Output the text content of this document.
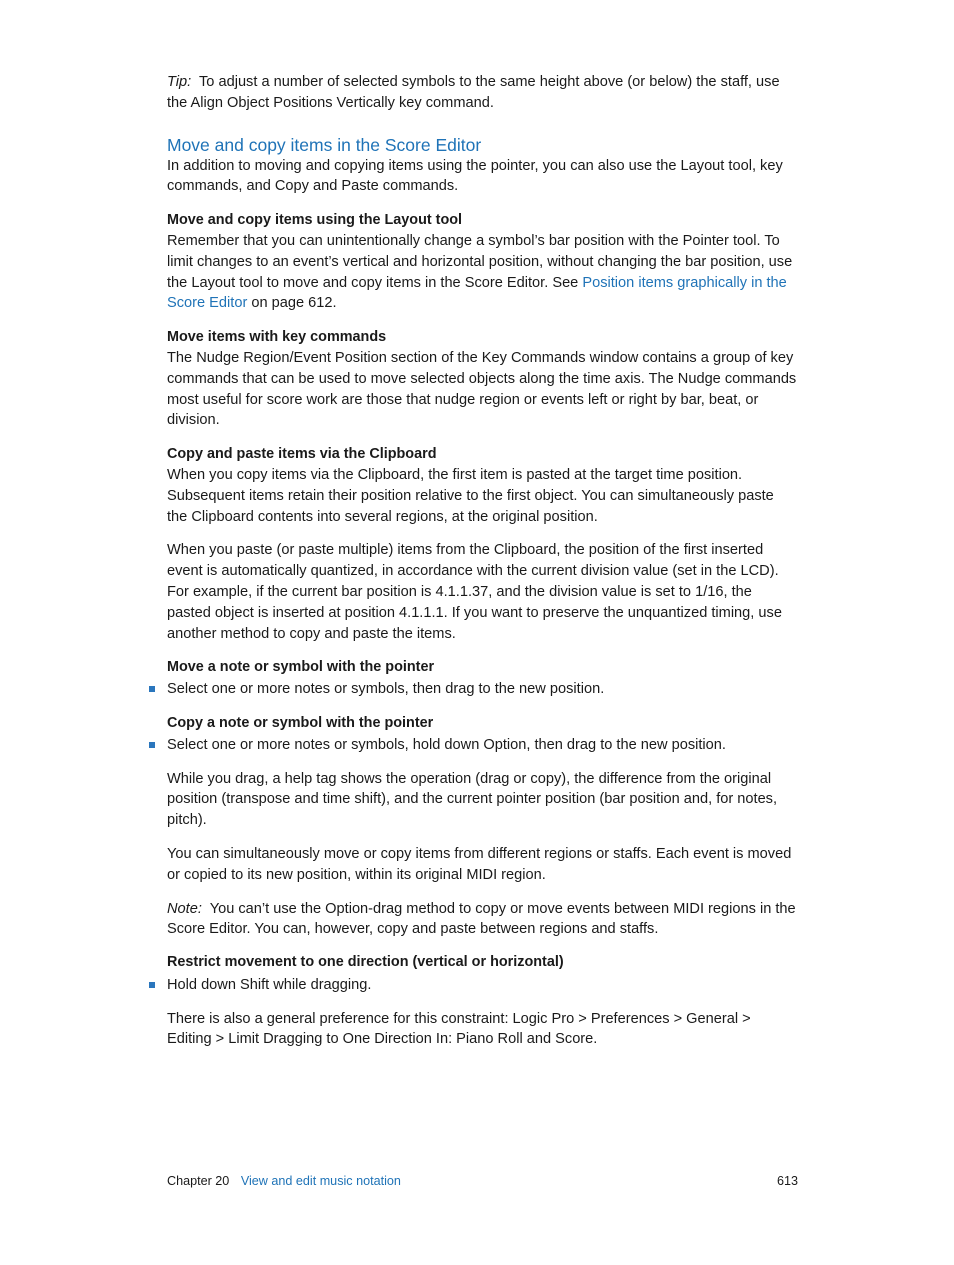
Tip: To adjust a number of selected symbols to the same height above (or below) the staff, use the Align Object Positions Vertically key command.

Move and copy items in the Score Editor

In addition to moving and copying items using the pointer, you can also use the Layout tool, key commands, and Copy and Paste commands.

Move and copy items using the Layout tool

Remember that you can unintentionally change a symbol’s bar position with the Pointer tool. To limit changes to an event’s vertical and horizontal position, without changing the bar position, use the Layout tool to move and copy items in the Score Editor. See Position items graphically in the Score Editor on page 612.

Move items with key commands

The Nudge Region/Event Position section of the Key Commands window contains a group of key commands that can be used to move selected objects along the time axis. The Nudge commands most useful for score work are those that nudge region or events left or right by bar, beat, or division.

Copy and paste items via the Clipboard

When you copy items via the Clipboard, the first item is pasted at the target time position. Subsequent items retain their position relative to the first object. You can simultaneously paste the Clipboard contents into several regions, at the original position.

When you paste (or paste multiple) items from the Clipboard, the position of the first inserted event is automatically quantized, in accordance with the current division value (set in the LCD). For example, if the current bar position is 4.1.1.37, and the division value is set to 1/16, the pasted object is inserted at position 4.1.1.1. If you want to preserve the unquantized timing, use another method to copy and paste the items.

Move a note or symbol with the pointer

Select one or more notes or symbols, then drag to the new position.

Copy a note or symbol with the pointer

Select one or more notes or symbols, hold down Option, then drag to the new position.

While you drag, a help tag shows the operation (drag or copy), the difference from the original position (transpose and time shift), and the current pointer position (bar position and, for notes, pitch).

You can simultaneously move or copy items from different regions or staffs. Each event is moved or copied to its new position, within its original MIDI region.

Note: You can’t use the Option-drag method to copy or move events between MIDI regions in the Score Editor. You can, however, copy and paste between regions and staffs.

Restrict movement to one direction (vertical or horizontal)

Hold down Shift while dragging.

There is also a general preference for this constraint: Logic Pro > Preferences > General > Editing > Limit Dragging to One Direction In: Piano Roll and Score.

Chapter 20 View and edit music notation	613
